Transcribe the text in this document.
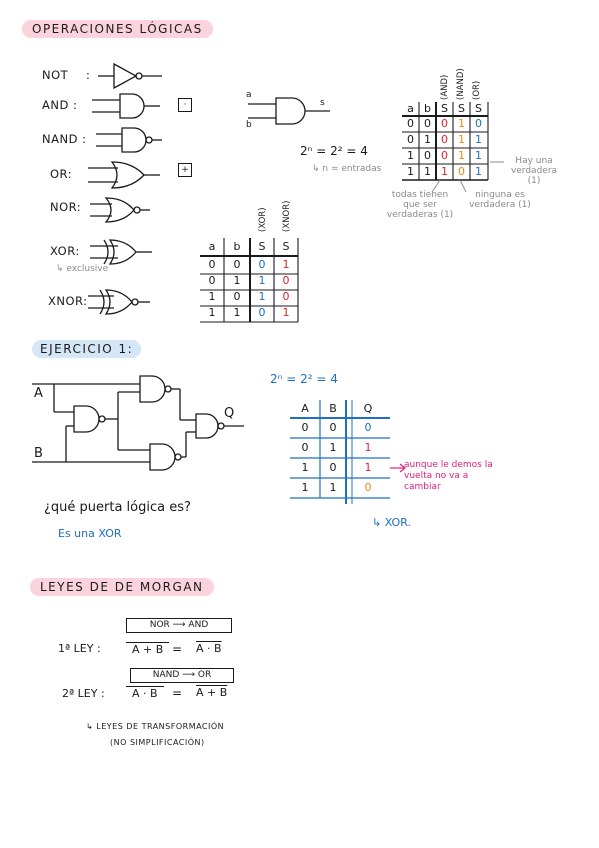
OPERACIONES LÓGICAS
NOT :
AND :
NAND :
OR:
NOR:
XOR:
↳ exclusive
XNOR:
·
+
a
b
s
2ⁿ = 2² = 4
↳ n = entradas
(AND) (NAND) (OR)
a b S S S
0 0 0 1 0
0 1 0 1 1
1 0 0 1 1
1 1 1 0 1
todas tienen que ser verdaderas (1)
ninguna es verdadera (1)
Hay una verdadera (1)
(XOR) (XNOR)
a	b	S	S
0	0	0	1
0	1	1	0
1	0	1	0
1	1	0	1
EJERCICIO 1:
A
B
Q
¿qué puerta lógica es?
Es una XOR
2ⁿ = 2² = 4
A	B	Q
0	0	0
0	1	1
1	0	1
1	1	0
aunque le demos la vuelta no va a cambiar
↳ XOR.
LEYES DE DE MORGAN
NOR ⟶ AND
1ª LEY :	A + B = A · B
NAND ⟶ OR
2ª LEY :	A · B	= A + B
↳ LEYES DE TRANSFORMACIÓN
(NO SIMPLIFICACIÓN)
